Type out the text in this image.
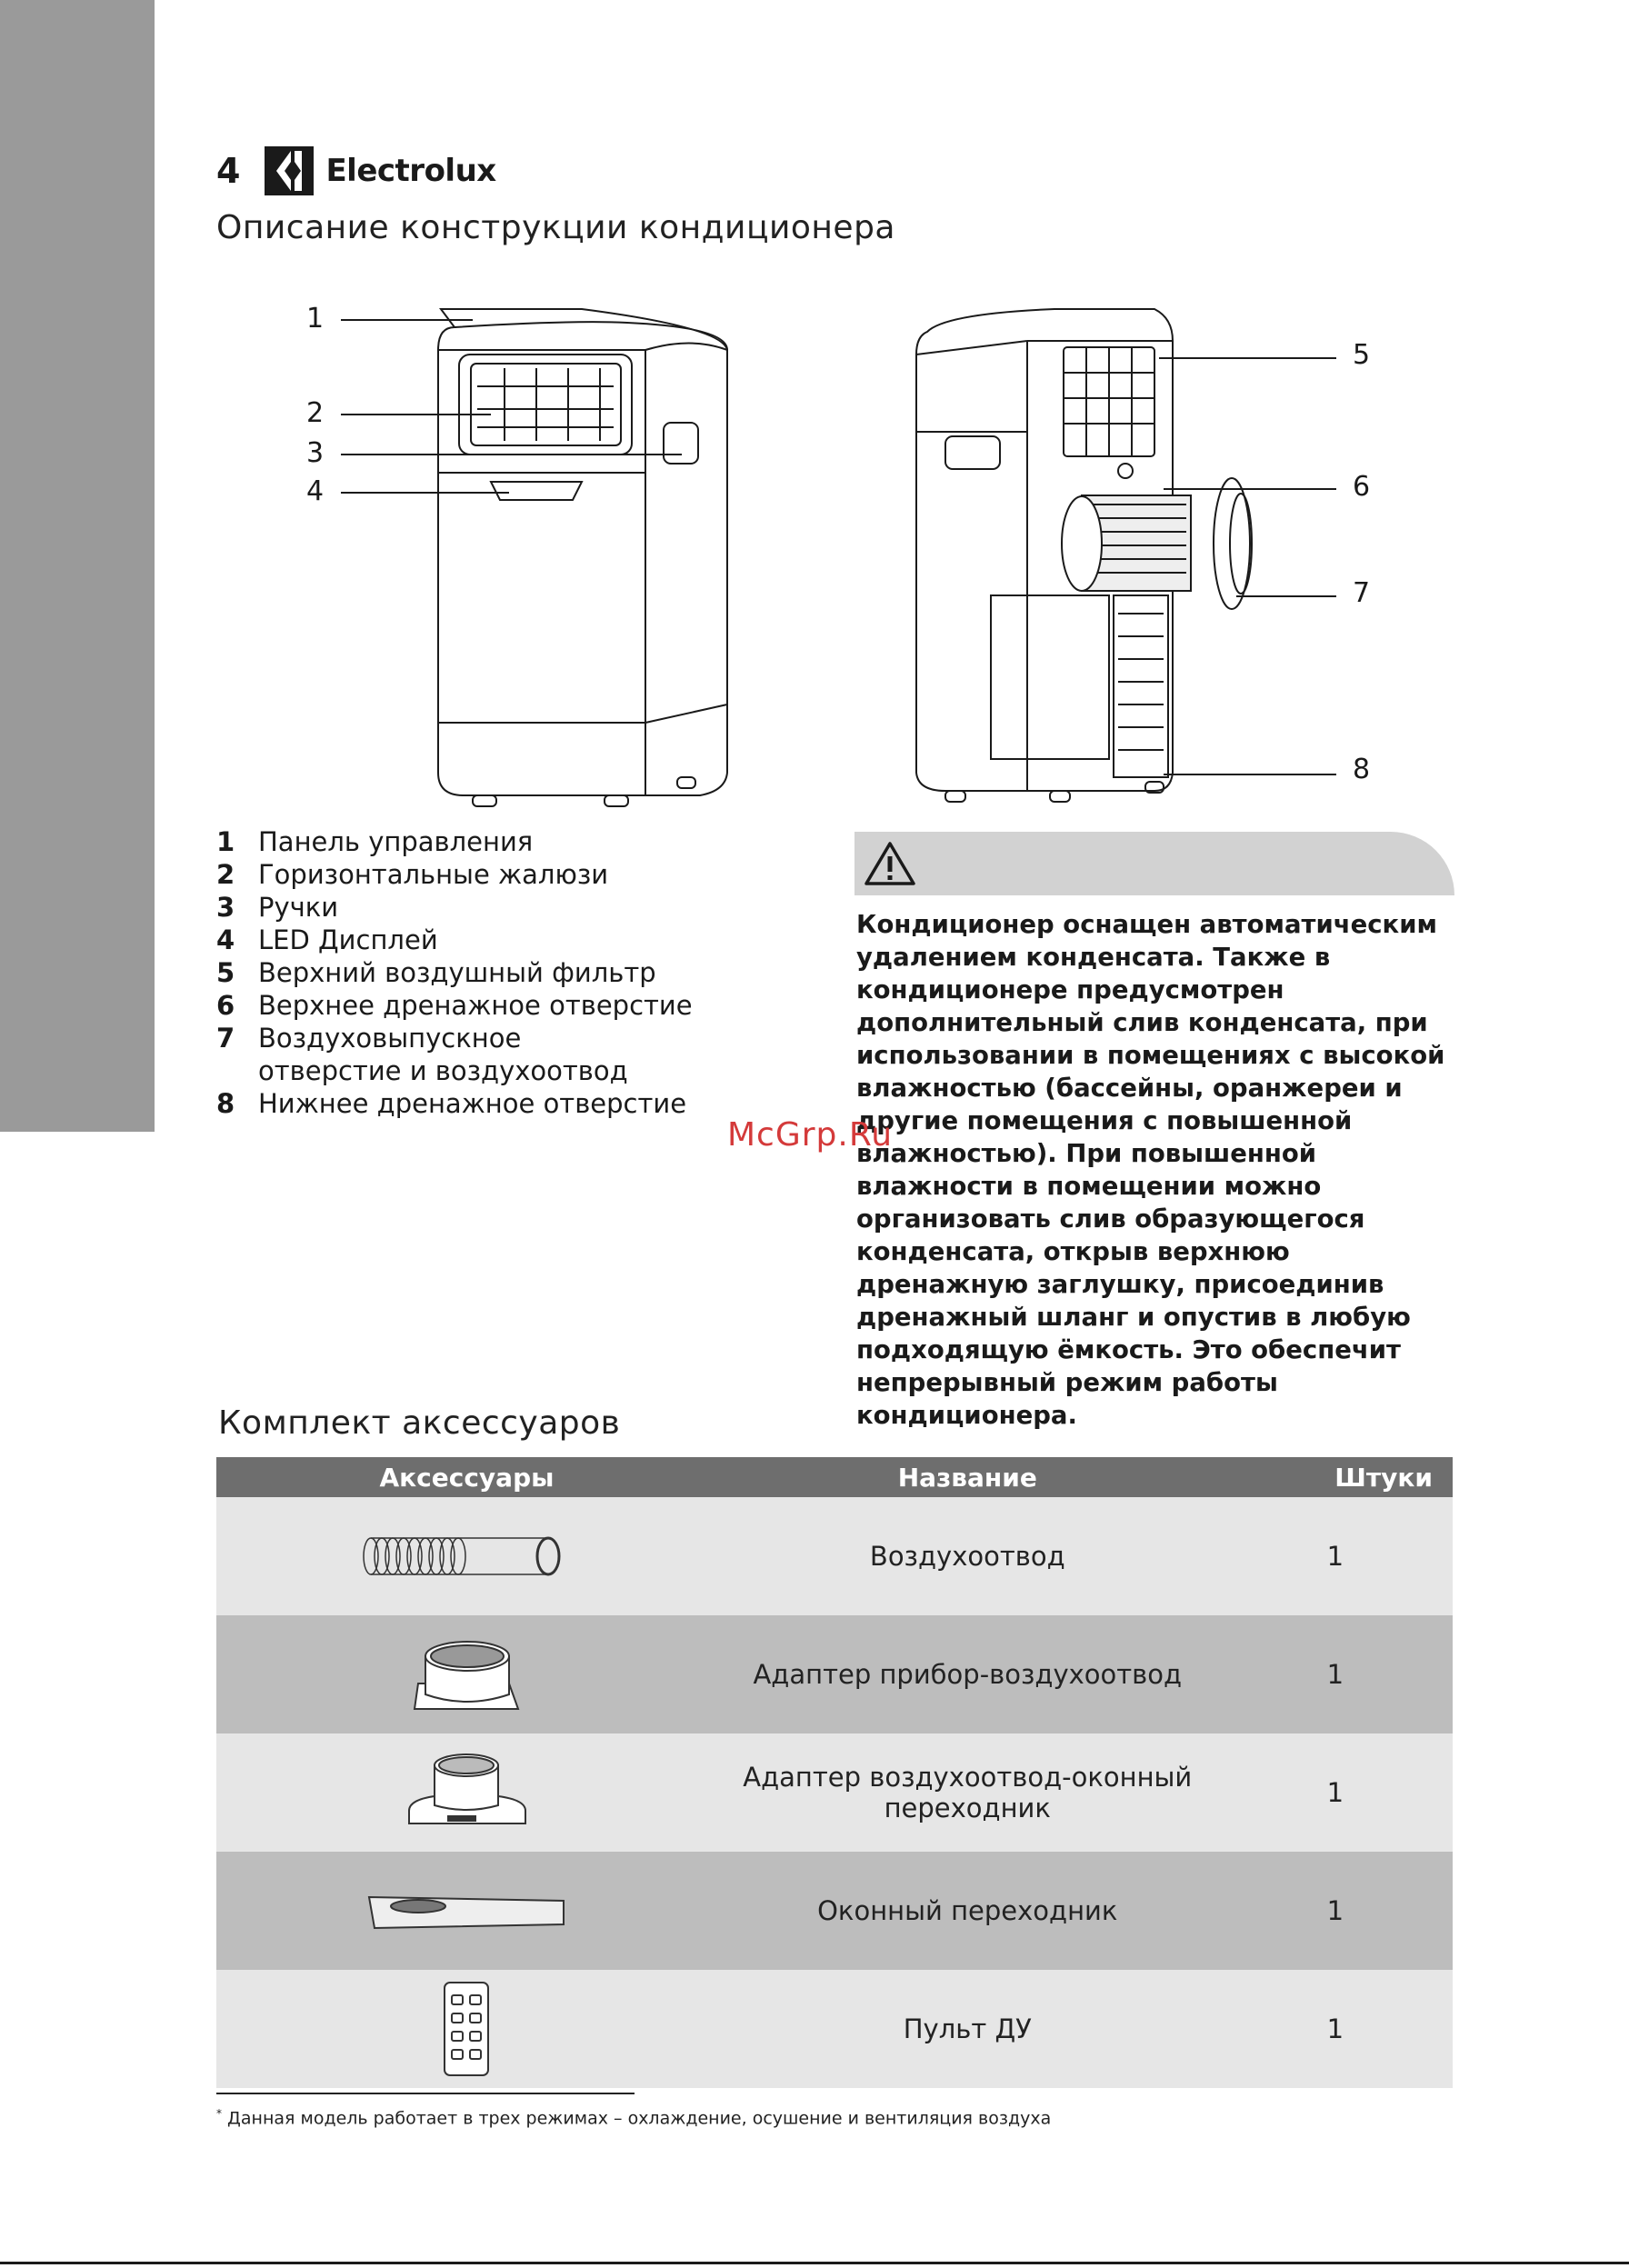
4	Electrolux
Описание конструкции кондиционера
1
2
3
4
5
6
7
8
1 Панель управления
2 Горизонтальные жалюзи
3 Ручки
4 LED Дисплей
5 Верхний воздушный фильтр
6 Верхнее дренажное отверстие
7 Воздуховыпускное отверстие и воздухоотвод
8 Нижнее дренажное отверстие

Кондиционер оснащен автоматическим удалением конденсата. Также в кондиционере предусмотрен дополнительный слив конденсата, при использовании в помещениях с высокой влажностью (бассейны, оранжереи и другие помещения с повышенной влажностью). При повышенной влажности в помещении можно организовать слив образующегося конденсата, открыв верхнюю дренажную заглушку, присоединив дренажный шланг и опустив в любую подходящую ёмкость. Это обеспечит непрерывный режим работы кондиционера.

McGrp.Ru
Комплект аксессуаров
Аксессуары	Название	Штуки
	Воздухоотвод	1
	Адаптер прибор-воздухоотвод	1
	Адаптер воздухоотвод-оконный переходник	1
	Оконный переходник	1
	Пульт ДУ	1
* Данная модель работает в трех режимах – охлаждение, осушение и вентиляция воздуха
